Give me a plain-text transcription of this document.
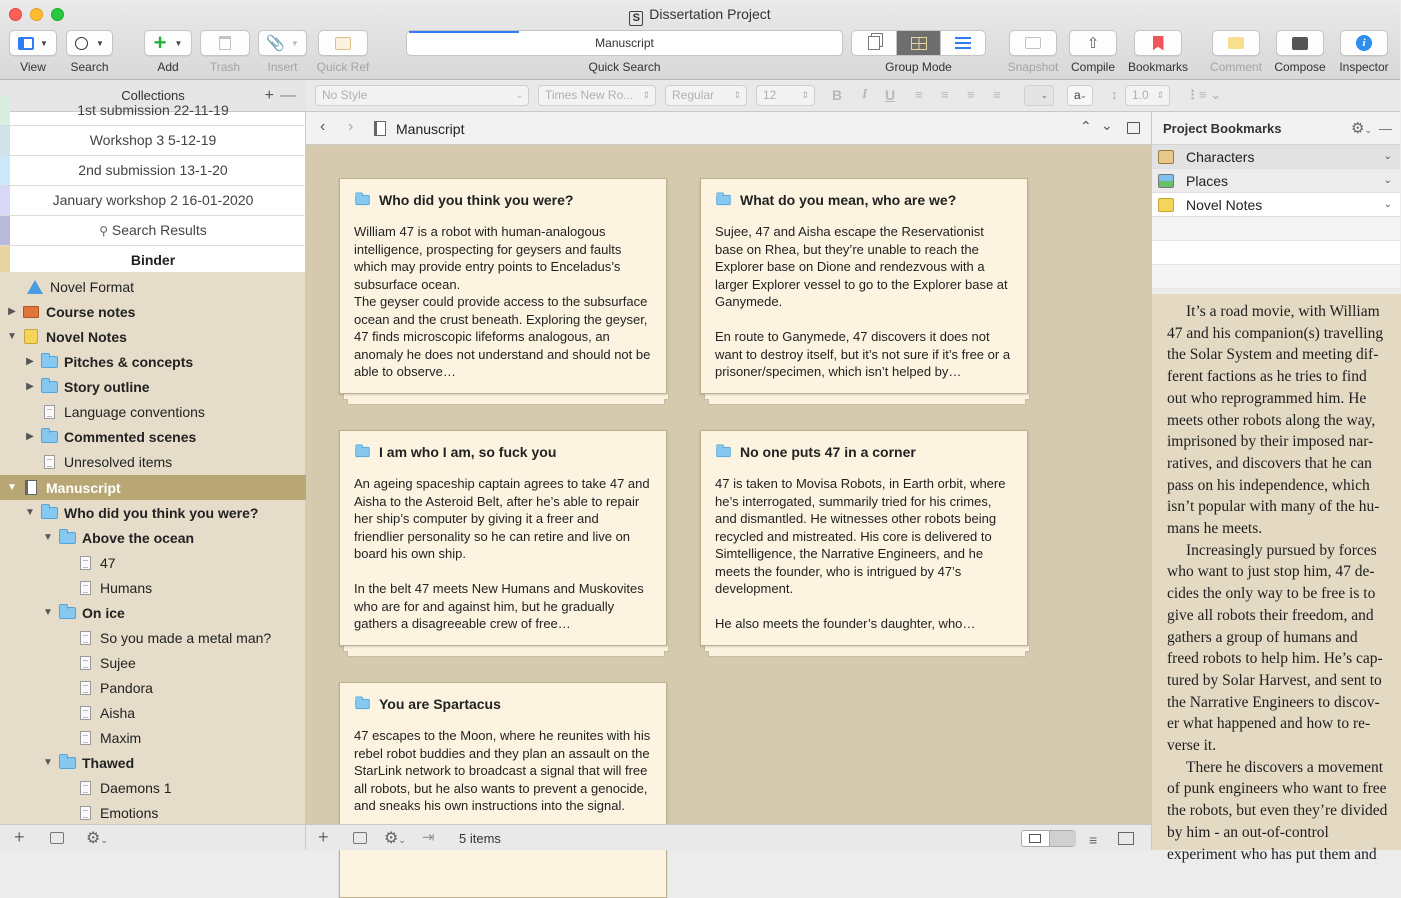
S Dissertation Project
▼
View
▼
Search
+ ▼
Add	Trash
📎 ▼
Insert	Quick Ref
Manuscript
Quick Search	Group Mode	Snapshot
⇧
Compile Bookmarks Comment Compose
i
Inspector
No Style	⌄	Times New Ro... ⇕	Regular ⇕	12	⇕ B I U ≡ ≡ ≡ ≡	⌄	a
⌄ ↕	1.0 ⇕ ⋮≡ ⌄
Collections	+ —
1st submission 22-11-19
Workshop 3 5-12-19
2nd submission 13-1-20
January workshop 2 16-01-2020
⚲ Search Results
Binder
Novel Format
▶ Course notes
▼ Novel Notes
▶ Pitches & concepts
▶ Story outline
Language conventions
▶ Commented scenes
Unresolved items
▼ Manuscript
▼ Who did you think you were?
▼ Above the ocean
47
Humans
▼ On ice
So you made a metal man?
Sujee
Pandora
Aisha
Maxim
▼ Thawed
Daemons 1
Emotions
+	⚙⌄
‹ ›	Manuscript	⌃ ⌄
Who did you think you were?
William 47 is a robot with human-analogous intelligence, prospecting for geysers and faults which may provide entry points to Enceladus’s subsurface ocean.
The geyser could provide access to the subsurface ocean and the crust beneath. Exploring the geyser, 47 finds microscopic lifeforms analogous, an anomaly he does not understand and should not be able to observe…
What do you mean, who are we?
Sujee, 47 and Aisha escape the Reservationist base on Rhea, but they’re unable to reach the Explorer base on Dione and rendezvous with a larger Explorer vessel to go to the Explorer base at Ganymede.

En route to Ganymede, 47 discovers it does not want to destroy itself, but it’s not sure if it’s free or a prisoner/specimen, which isn’t helped by…
I am who I am, so fuck you
An ageing spaceship captain agrees to take 47 and Aisha to the Asteroid Belt, after he’s able to repair her ship’s computer by giving it a freer and friendlier personality so he can retire and live on board his own ship.

In the belt 47 meets New Humans and Muskovites who are for and against him, but he gradually gathers a disagreeable crew of free…
No one puts 47 in a corner
47 is taken to Movisa Robots, in Earth orbit, where he’s interrogated, summarily tried for his crimes, and dismantled. He witnesses other robots being recycled and mistreated. His core is delivered to Simtelligence, the Narrative Engineers, and he meets the founder, who is intrigued by 47’s development.

He also meets the founder’s daughter, who…
You are Spartacus
47 escapes to the Moon, where he reunites with his rebel robot buddies and they plan an assault on the StarLink network to broadcast a signal that will free all robots, but he also wants to prevent a genocide, and sneaks his own instructions into the signal.
+	⚙⌄ ⇥ 5 items	≡
Project Bookmarks	⚙⌄ —
Characters	⌄
Places	⌄
Novel Notes	⌄

It’s a road movie, with William 47 and his companion(s) travelling the Solar System and meeting dif-ferent factions as he tries to find out who reprogrammed him. He meets other robots along the way, imprisoned by their imposed nar-ratives, and discovers that he can pass on his independence, which isn’t popular with many of the hu-mans he meets.

Increasingly pursued by forces who want to just stop him, 47 de-cides the only way to be free is to give all robots their freedom, and gathers a group of humans and freed robots to help him. He’s cap-tured by Solar Harvest, and sent to the Narrative Engineers to discov-er what happened and how to re-verse it.

There he discovers a movement of punk engineers who want to free the robots, but even they’re divided by him - an out-of-control experiment who has put them and
